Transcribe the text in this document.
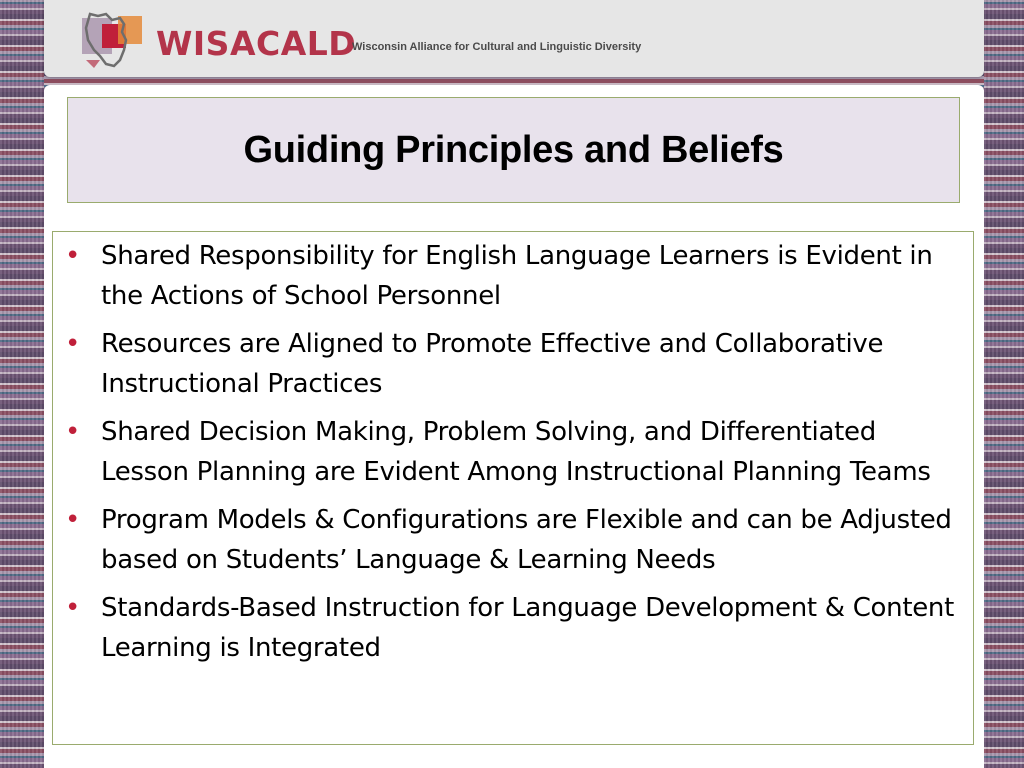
WISACALD
Wisconsin Alliance for Cultural and Linguistic Diversity
Guiding Principles and Beliefs
• Shared Responsibility for English Language Learners is Evident in the Actions of School Personnel
• Resources are Aligned to Promote Effective and Collaborative Instructional Practices
• Shared Decision Making, Problem Solving, and Differentiated Lesson Planning are Evident Among Instructional Planning Teams
• Program Models & Configurations are Flexible and can be Adjusted based on Students’ Language & Learning Needs
• Standards-Based Instruction for Language Development & Content Learning is Integrated
